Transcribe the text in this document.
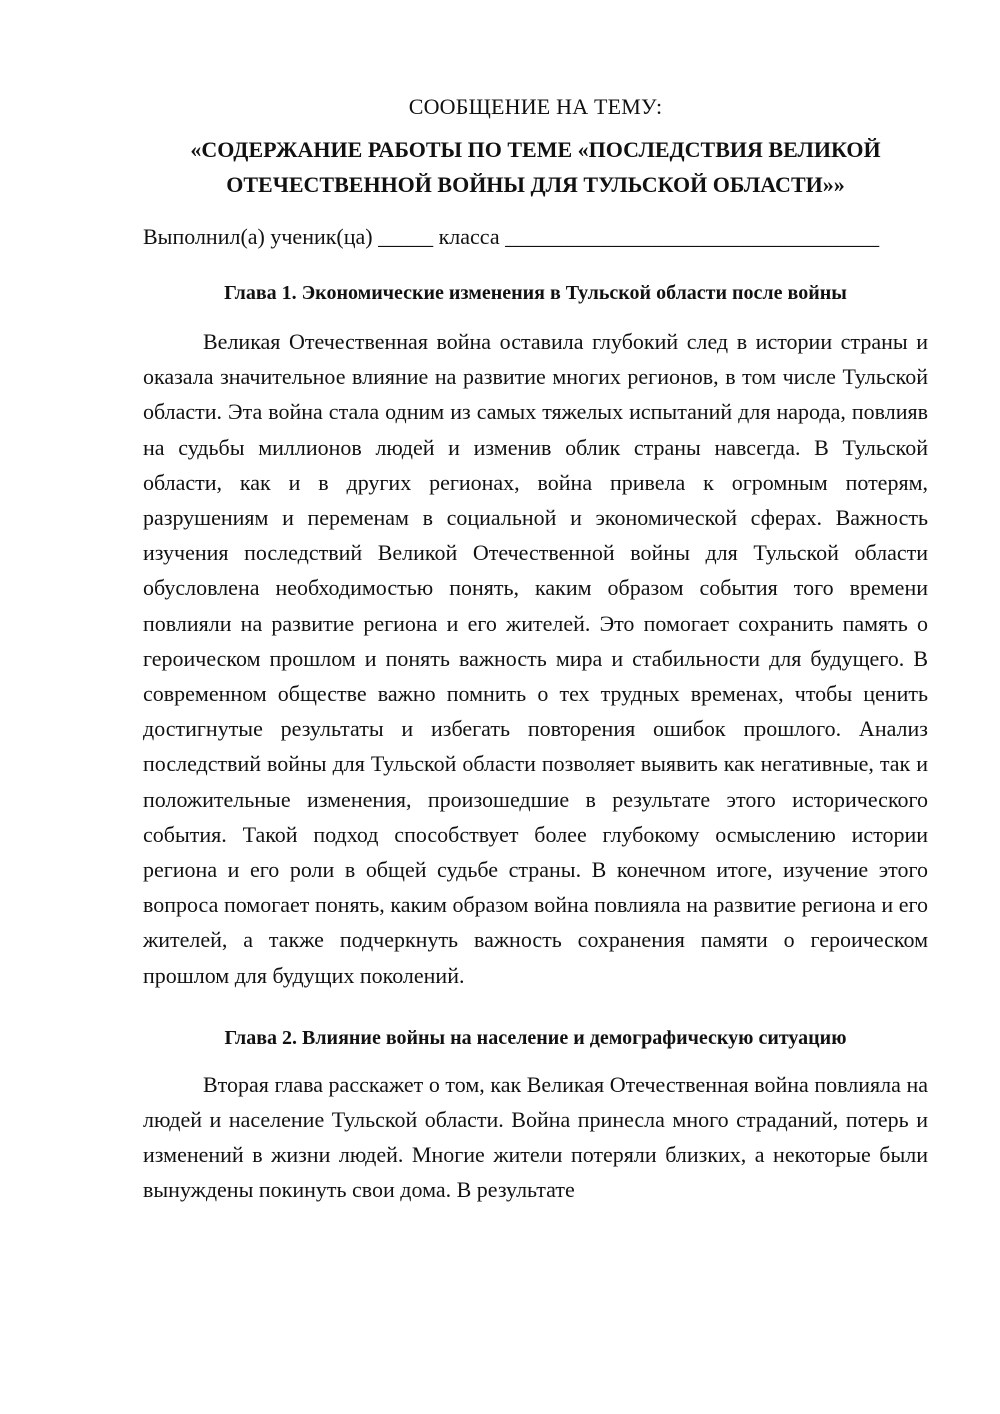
СООБЩЕНИЕ НА ТЕМУ:
«СОДЕРЖАНИЕ РАБОТЫ ПО ТЕМЕ «ПОСЛЕДСТВИЯ ВЕЛИКОЙ
ОТЕЧЕСТВЕННОЙ ВОЙНЫ ДЛЯ ТУЛЬСКОЙ ОБЛАСТИ»»
Выполнил(а) ученик(ца) _____ класса __________________________________
Глава 1. Экономические изменения в Тульской области после войны

Великая Отечественная война оставила глубокий след в истории страны и оказала значительное влияние на развитие многих регионов, в том числе Тульской области. Эта война стала одним из самых тяжелых испытаний для народа, повлияв на судьбы миллионов людей и изменив облик страны навсегда. В Тульской области, как и в других регионах, война привела к огромным потерям, разрушениям и переменам в социальной и экономической сферах. Важность изучения последствий Великой Отечественной войны для Тульской области обусловлена необходимостью понять, каким образом события того времени повлияли на развитие региона и его жителей. Это помогает сохранить память о героическом прошлом и понять важность мира и стабильности для будущего. В современном обществе важно помнить о тех трудных временах, чтобы ценить достигнутые результаты и избегать повторения ошибок прошлого. Анализ последствий войны для Тульской области позволяет выявить как негативные, так и положительные изменения, произошедшие в результате этого исторического события. Такой подход способствует более глубокому осмыслению истории региона и его роли в общей судьбе страны. В конечном итоге, изучение этого вопроса помогает понять, каким образом война повлияла на развитие региона и его жителей, а также подчеркнуть важность сохранения памяти о героическом прошлом для будущих поколений.

Глава 2. Влияние войны на население и демографическую ситуацию

Вторая глава расскажет о том, как Великая Отечественная война повлияла на людей и население Тульской области. Война принесла много страданий, потерь и изменений в жизни людей. Многие жители потеряли близких, а некоторые были вынуждены покинуть свои дома. В результате
